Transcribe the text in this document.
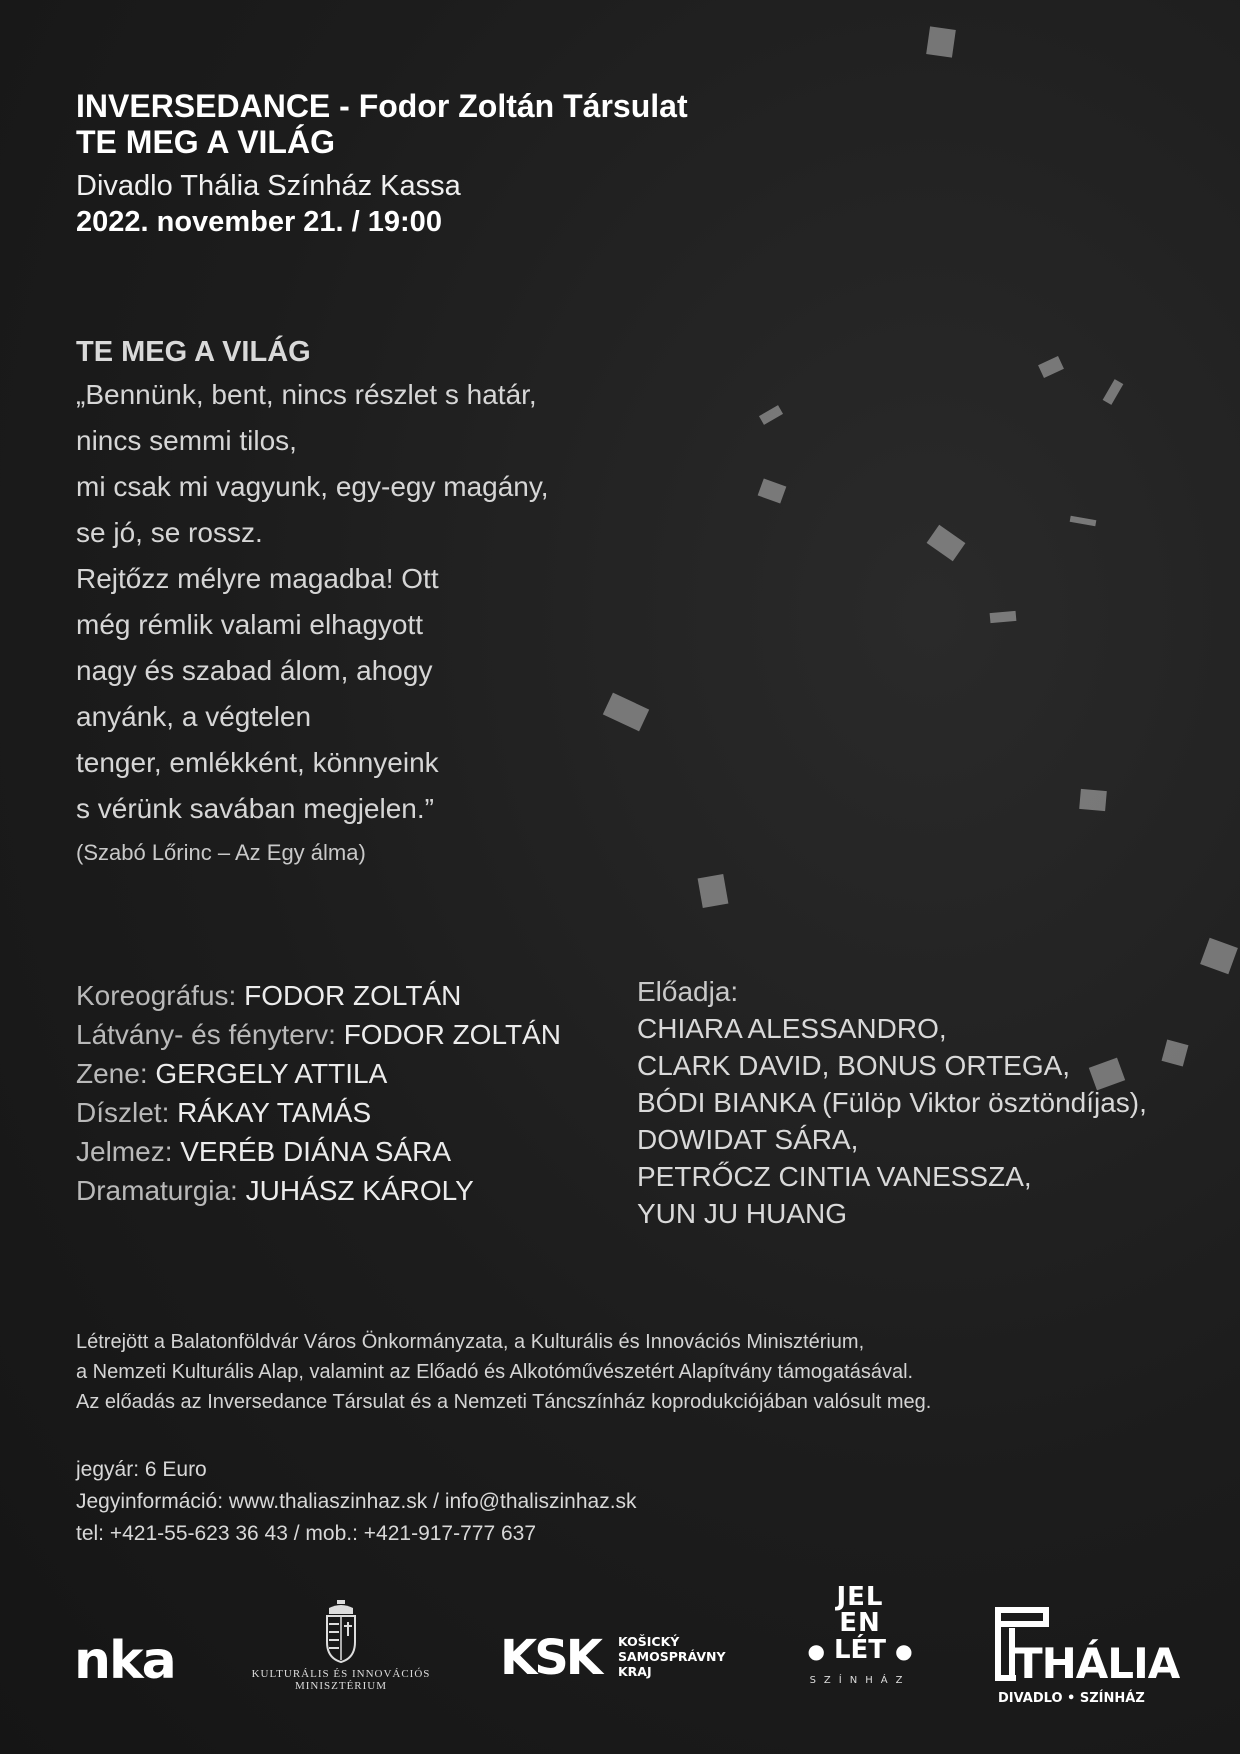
INVERSEDANCE - Fodor Zoltán Társulat
TE MEG A VILÁG
Divadlo Thália Színház Kassa
2022. november 21. / 19:00
TE MEG A VILÁG
„Bennünk, bent, nincs részlet s határ,
nincs semmi tilos,
mi csak mi vagyunk, egy-egy magány,
se jó, se rossz.
Rejtőzz mélyre magadba! Ott
még rémlik valami elhagyott
nagy és szabad álom, ahogy
anyánk, a végtelen
tenger, emlékként, könnyeink
s vérünk savában megjelen.”
(Szabó Lőrinc – Az Egy álma)
Koreográfus: FODOR ZOLTÁN
Látvány- és fényterv: FODOR ZOLTÁN
Zene: GERGELY ATTILA
Díszlet: RÁKAY TAMÁS
Jelmez: VERÉB DIÁNA SÁRA
Dramaturgia: JUHÁSZ KÁROLY
Előadja:
CHIARA ALESSANDRO,
CLARK DAVID, BONUS ORTEGA,
BÓDI BIANKA (Fülöp Viktor ösztöndíjas),
DOWIDAT SÁRA,
PETRŐCZ CINTIA VANESSZA,
YUN JU HUANG
Létrejött a Balatonföldvár Város Önkormányzata, a Kulturális és Innovációs Minisztérium,
a Nemzeti Kulturális Alap, valamint az Előadó és Alkotóművészetért Alapítvány támogatásával.
Az előadás az Inversedance Társulat és a Nemzeti Táncszínház koprodukciójában valósult meg.
jegyár: 6 Euro
Jegyinformáció: www.thaliaszinhaz.sk / info@thaliszinhaz.sk
tel: +421-55-623 36 43 / mob.: +421-917-777 637
nka	KULTURÁLIS ÉS INNOVÁCIÓS
MINISZTÉRIUM	KSK	KOŠICKÝ
SAMOSPRÁVNY
KRAJ
JEL
EN
● LÉT ●
SZÍNHÁZ	THÁLIA
DIVADLO • SZÍNHÁZ
